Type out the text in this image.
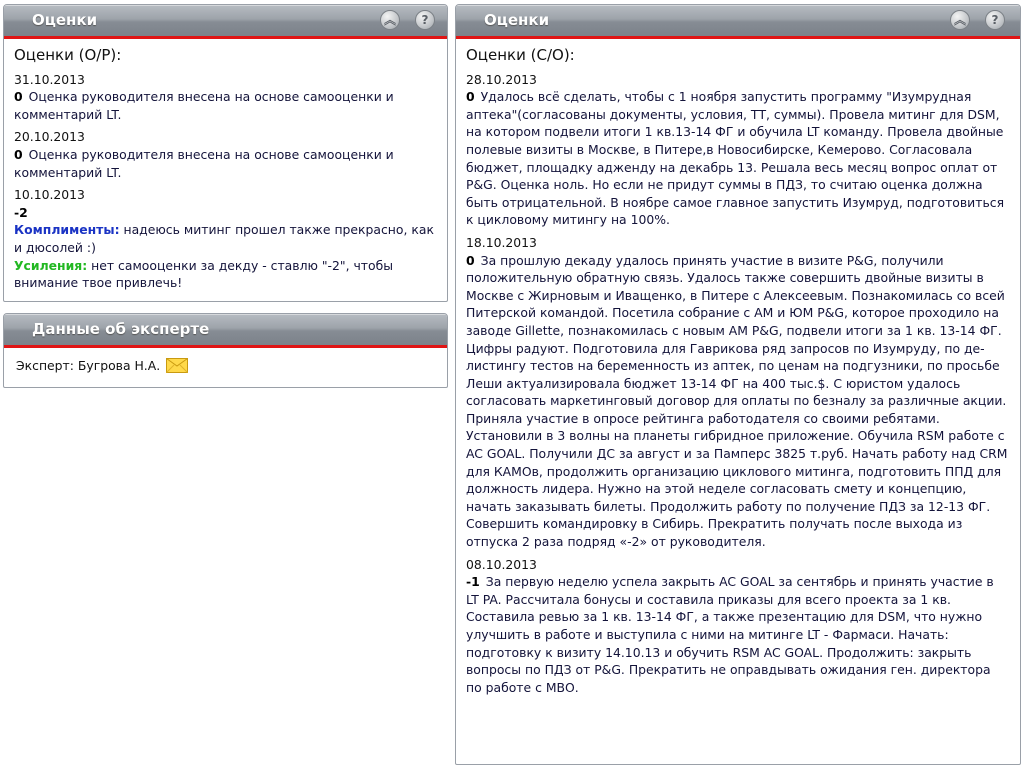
Оценки	︽	?
Оценки (О/Р):
31.10.2013
0 Оценка руководителя внесена на основе самооценки и комментарий LT.
20.10.2013
0 Оценка руководителя внесена на основе самооценки и комментарий LT.
10.10.2013
-2
Комплименты: надеюсь митинг прошел также прекрасно, как и дюcолей :)
Усиления: нет самооценки за декду - ставлю "-2", чтобы внимание твое привлечь!
Данные об эксперте
Эксперт: Бугрова Н.А.
Оценки	︽	?
Оценки (С/О):
28.10.2013
0 Удалось всё сделать, чтобы с 1 ноября запустить программу "Изумрудная аптека"(согласованы документы, условия, ТТ, суммы). Провела митинг для DSM, на котором подвели итоги 1 кв.13-14 ФГ и обучила LT команду. Провела двойные полевые визиты в Москве, в Питере,в Новосибирске, Кемерово. Согласовала бюджет, площадку адженду на декабрь 13. Решала весь месяц вопрос оплат от P&G. Оценка ноль. Но если не придут суммы в ПДЗ, то считаю оценка должна быть отрицательной. В ноябре самое главное запустить Изумруд, подготовиться к цикловому митингу на 100%.
18.10.2013
0 За прошлую декаду удалось принять участие в визите P&G, получили положительную обратную связь. Удалось также совершить двойные визиты в Москве с Жирновым и Иващенко, в Питере с Алексеевым. Познакомилась со всей Питерской командой. Посетила собрание с АМ и ЮМ P&G, которое проходило на заводе Gillette, познакомилась с новым АМ P&G, подвели итоги за 1 кв. 13-14 ФГ. Цифры радуют. Подготовила для Гаврикова ряд запросов по Изумруду, по де-листингу тестов на беременность из аптек, по ценам на подгузники, по просьбе Леши актуализировала бюджет 13-14 ФГ на 400 тыс.$. С юристом удалось согласовать маркетинговый договор для оплаты по безналу за различные акции. Приняла участие в опросе рейтинга работодателя со своими ребятами. Установили в 3 волны на планеты гибридное приложение. Обучила RSM работе с AC GOAL. Получили ДС за август и за Памперс 3825 т.руб. Начать работу над CRM для КАМОв, продолжить организацию циклового митинга, подготовить ППД для должность лидера. Нужно на этой неделе согласовать смету и концепцию, начать заказывать билеты. Продолжить работу по получение ПДЗ за 12-13 ФГ. Совершить командировку в Сибирь. Прекратить получать после выхода из отпуска 2 раза подряд «-2» от руководителя.
08.10.2013
-1 За первую неделю успела закрыть AC GOAL за сентябрь и принять участие в LT PA. Рассчитала бонусы и составила приказы для всего проекта за 1 кв. Составила ревью за 1 кв. 13-14 ФГ, а также презентацию для DSM, что нужно улучшить в работе и выступила с ними на митинге LT - Фармаси. Начать: подготовку к визиту 14.10.13 и обучить RSM AC GOAL. Продолжить: закрыть вопросы по ПДЗ от P&G. Прекратить не оправдывать ожидания ген. директора по работе с МВО.
